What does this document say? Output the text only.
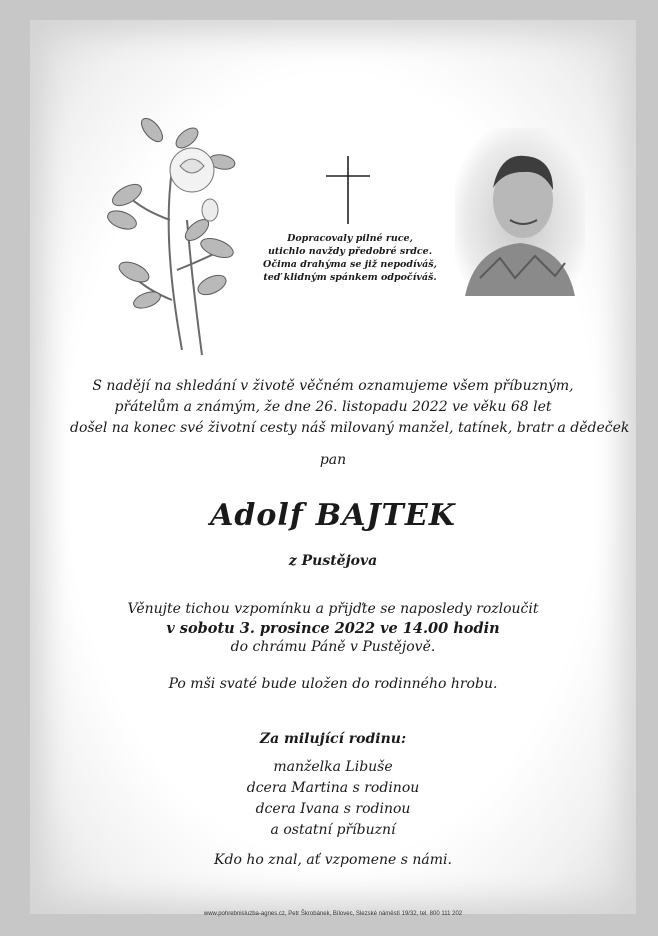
Dopracovaly pilné ruce,
utichlo navždy předobré srdce.
Očima drahýma se již nepodíváš,
teď klidným spánkem odpočíváš.
S nadějí na shledání v životě věčném oznamujeme všem příbuzným,
přátelům a známým, že dne 26. listopadu 2022 ve věku 68 let
došel na konec své životní cesty náš milovaný manžel, tatínek, bratr a dědeček
pan
Adolf BAJTEK
z Pustějova
Věnujte tichou vzpomínku a přijďte se naposledy rozloučit
v sobotu 3. prosince 2022 ve 14.00 hodin
do chrámu Páně v Pustějově.
Po mši svaté bude uložen do rodinného hrobu.
Za milující rodinu:
manželka Libuše
dcera Martina s rodinou
dcera Ivana s rodinou
a ostatní příbuzní
Kdo ho znal, ať vzpomene s námi.
www.pohrebnisluzba-agnes.cz, Petr Škrobánek, Bílovec, Slezské náměstí 19/32, tel. 800 111 202
